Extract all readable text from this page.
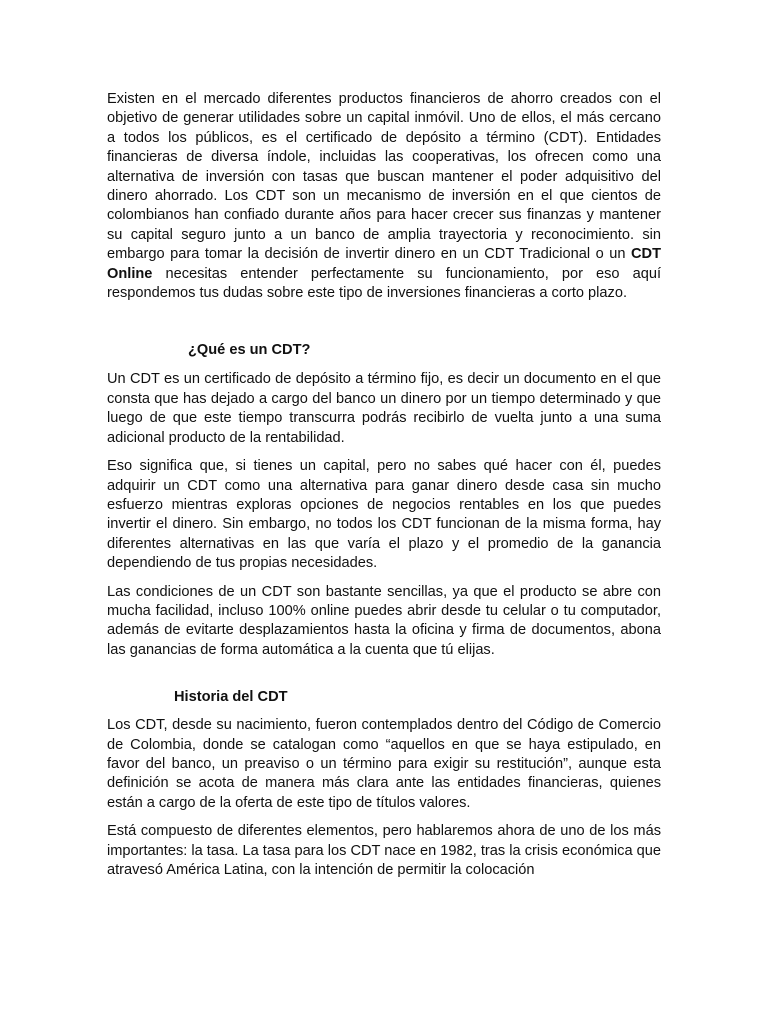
Existen en el mercado diferentes productos financieros de ahorro creados con el objetivo de generar utilidades sobre un capital inmóvil. Uno de ellos, el más cercano a todos los públicos, es el certificado de depósito a término (CDT). Entidades financieras de diversa índole, incluidas las cooperativas, los ofrecen como una alternativa de inversión con tasas que buscan mantener el poder adquisitivo del dinero ahorrado. Los CDT son un mecanismo de inversión en el que cientos de colombianos han confiado durante años para hacer crecer sus finanzas y mantener su capital seguro junto a un banco de amplia trayectoria y reconocimiento. sin embargo para tomar la decisión de invertir dinero en un CDT Tradicional o un CDT Online necesitas entender perfectamente su funcionamiento, por eso aquí respondemos tus dudas sobre este tipo de inversiones financieras a corto plazo.

¿Qué es un CDT?

Un CDT es un certificado de depósito a término fijo, es decir un documento en el que consta que has dejado a cargo del banco un dinero por un tiempo determinado y que luego de que este tiempo transcurra podrás recibirlo de vuelta junto a una suma adicional producto de la rentabilidad.

Eso significa que, si tienes un capital, pero no sabes qué hacer con él, puedes adquirir un CDT como una alternativa para ganar dinero desde casa sin mucho esfuerzo mientras exploras opciones de negocios rentables en los que puedes invertir el dinero. Sin embargo, no todos los CDT funcionan de la misma forma, hay diferentes alternativas en las que varía el plazo y el promedio de la ganancia dependiendo de tus propias necesidades.

Las condiciones de un CDT son bastante sencillas, ya que el producto se abre con mucha facilidad, incluso 100% online puedes abrir desde tu celular o tu computador, además de evitarte desplazamientos hasta la oficina y firma de documentos, abona las ganancias de forma automática a la cuenta que tú elijas.

Historia del CDT

Los CDT, desde su nacimiento, fueron contemplados dentro del Código de Comercio de Colombia, donde se catalogan como “aquellos en que se haya estipulado, en favor del banco, un preaviso o un término para exigir su restitución”, aunque esta definición se acota de manera más clara ante las entidades financieras, quienes están a cargo de la oferta de este tipo de títulos valores.

Está compuesto de diferentes elementos, pero hablaremos ahora de uno de los más importantes: la tasa. La tasa para los CDT nace en 1982, tras la crisis económica que atravesó América Latina, con la intención de permitir la colocación
